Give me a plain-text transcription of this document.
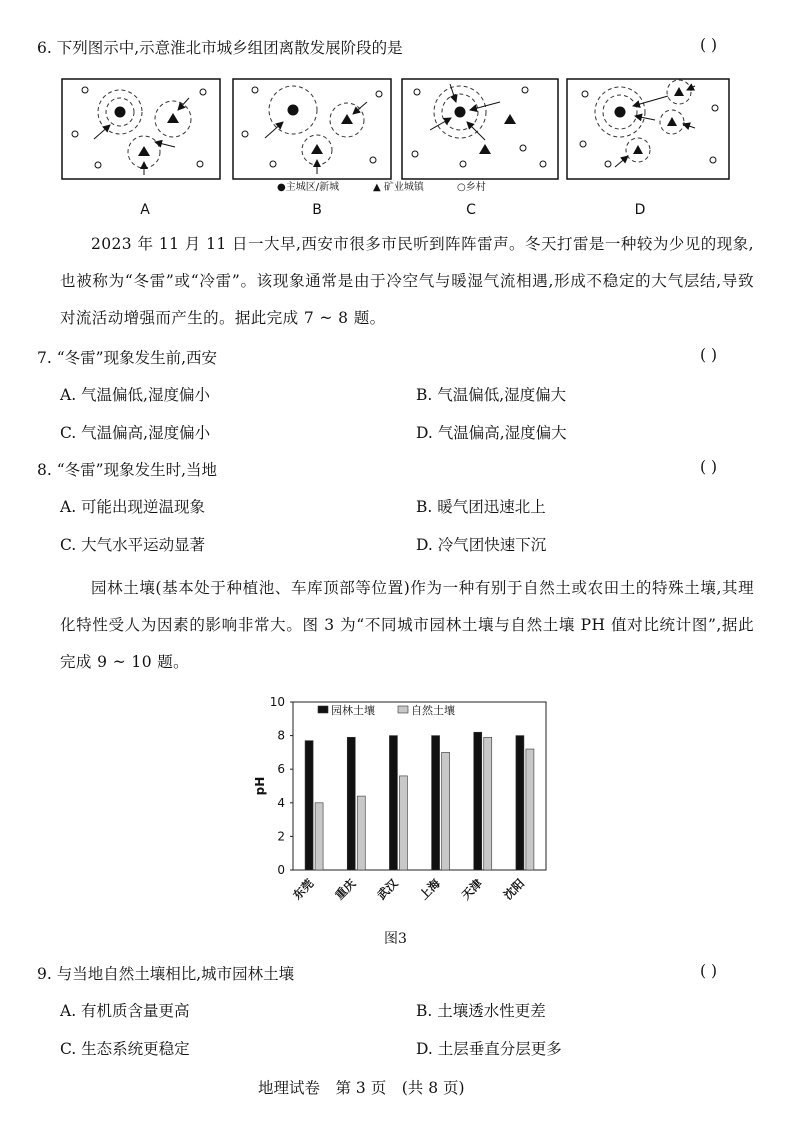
6. 下列图示中,示意淮北市城乡组团离散发展阶段的是	( )
●主城区/新城	▲ 矿业城镇	○乡村
A	B	C	D
2023 年 11 月 11 日一大早,西安市很多市民听到阵阵雷声。冬天打雷是一种较为少见的现象,也被称为“冬雷”或“冷雷”。该现象通常是由于冷空气与暖湿气流相遇,形成不稳定的大气层结,导致对流活动增强而产生的。据此完成 7 ~ 8 题。
7. “冬雷”现象发生前,西安	( )
A. 气温偏低,湿度偏小	B. 气温偏低,湿度偏大
C. 气温偏高,湿度偏小	D. 气温偏高,湿度偏大
8. “冬雷”现象发生时,当地	( )
A. 可能出现逆温现象	B. 暖气团迅速北上
C. 大气水平运动显著	D. 冷气团快速下沉
园林土壤(基本处于种植池、车库顶部等位置)作为一种有别于自然土或农田土的特殊土壤,其理化特性受人为因素的影响非常大。图 3 为“不同城市园林土壤与自然土壤 PH 值对比统计图”,据此完成 9 ~ 10 题。
0
2
4
6
8
10
pH
东莞 重庆 武汉 上海 天津 沈阳
园林土壤	自然土壤
图3
9. 与当地自然土壤相比,城市园林土壤	( )
A. 有机质含量更高	B. 土壤透水性更差
C. 生态系统更稳定	D. 土层垂直分层更多
地理试卷　第 3 页　(共 8 页)
